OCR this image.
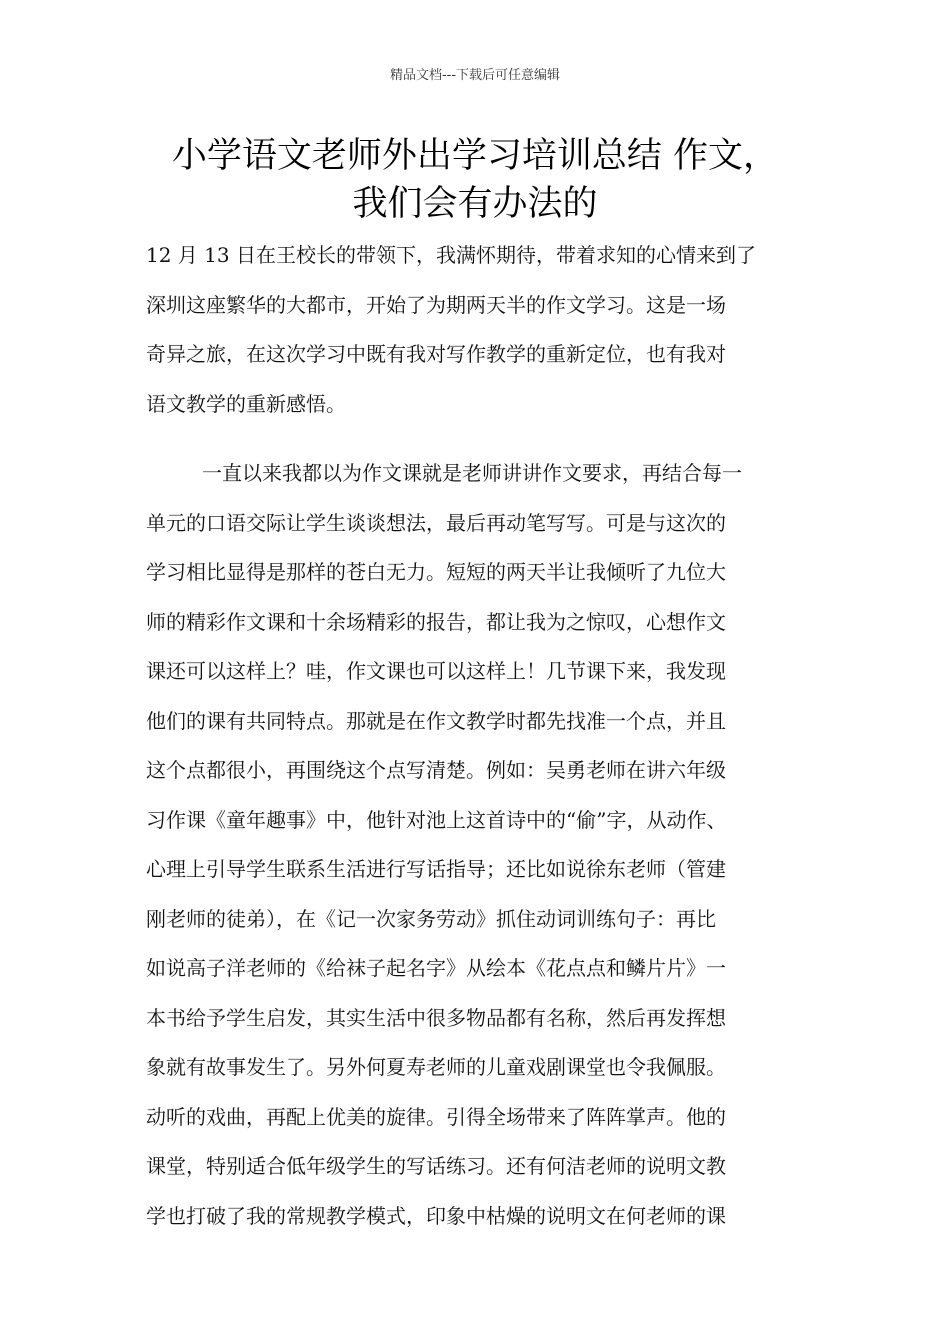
精品文档---下载后可任意编辑
小学语文老师外出学习培训总结 作文，
我们会有办法的
12 月 13 日在王校长的带领下，我满怀期待，带着求知的心情来到了
深圳这座繁华的大都市，开始了为期两天半的作文学习。这是一场
奇异之旅，在这次学习中既有我对写作教学的重新定位，也有我对
语文教学的重新感悟。
一直以来我都以为作文课就是老师讲讲作文要求，再结合每一
单元的口语交际让学生谈谈想法，最后再动笔写写。可是与这次的
学习相比显得是那样的苍白无力。短短的两天半让我倾听了九位大
师的精彩作文课和十余场精彩的报告，都让我为之惊叹，心想作文
课还可以这样上？哇，作文课也可以这样上！几节课下来，我发现
他们的课有共同特点。那就是在作文教学时都先找准一个点，并且
这个点都很小，再围绕这个点写清楚。例如：吴勇老师在讲六年级
习作课《童年趣事》中，他针对池上这首诗中的“偷”字，从动作、
心理上引导学生联系生活进行写话指导；还比如说徐东老师（管建
刚老师的徒弟），在《记一次家务劳动》抓住动词训练句子：再比
如说高子洋老师的《给袜子起名字》从绘本《花点点和鳞片片》一
本书给予学生启发，其实生活中很多物品都有名称，然后再发挥想
象就有故事发生了。另外何夏寿老师的儿童戏剧课堂也令我佩服。
动听的戏曲，再配上优美的旋律。引得全场带来了阵阵掌声。他的
课堂，特别适合低年级学生的写话练习。还有何洁老师的说明文教
学也打破了我的常规教学模式，印象中枯燥的说明文在何老师的课
